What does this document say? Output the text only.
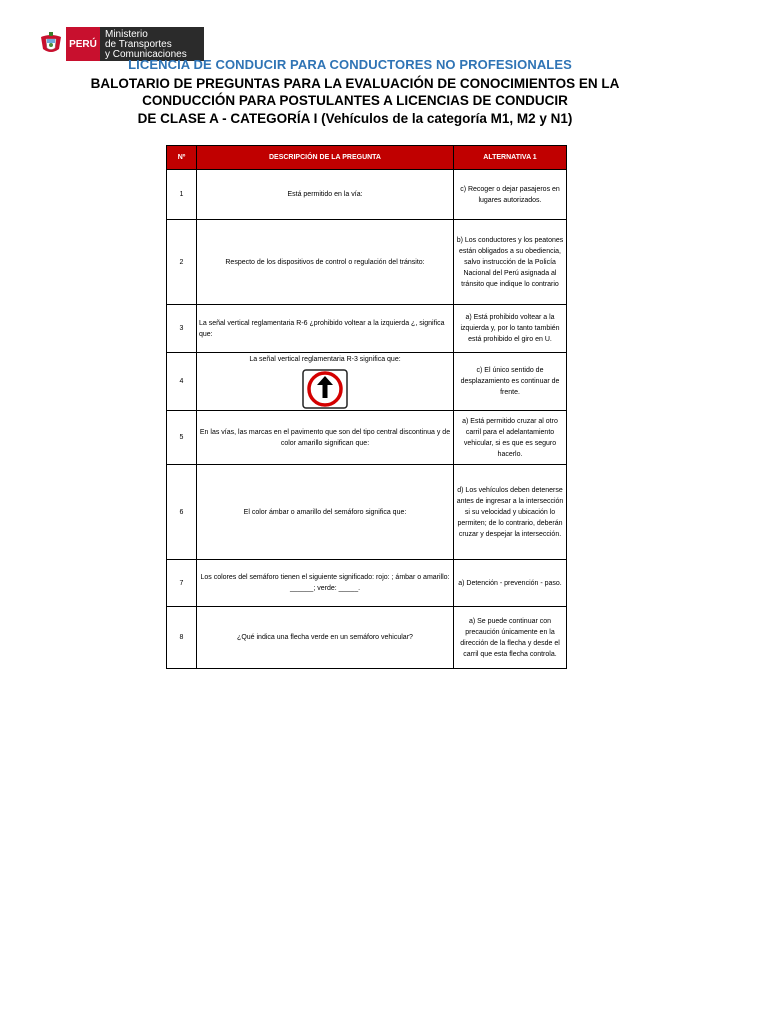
PERÚ
Ministerio
de Transportes
y Comunicaciones
LICENCIA DE CONDUCIR PARA CONDUCTORES NO PROFESIONALES
BALOTARIO DE PREGUNTAS PARA LA EVALUACIÓN DE CONOCIMIENTOS EN LA
CONDUCCIÓN PARA POSTULANTES A LICENCIAS DE CONDUCIR
DE CLASE A - CATEGORÍA I (Vehículos de la categoría M1, M2 y N1)
Nº	DESCRIPCIÓN DE LA PREGUNTA	ALTERNATIVA 1
1	Está permitido en la vía:	c) Recoger o dejar pasajeros en lugares autorizados.
2	Respecto de los dispositivos de control o regulación del tránsito:	b) Los conductores y los peatones están obligados a su obediencia, salvo instrucción de la Policía Nacional del Perú asignada al tránsito que indique lo contrario
3	La señal vertical reglamentaria R-6 ¿prohibido voltear a la izquierda ¿, significa que:	a) Está prohibido voltear a la izquierda y, por lo tanto también está prohibido el giro en U.
4	La señal vertical reglamentaria R-3 significa que:	c) El único sentido de desplazamiento es continuar de frente.
5	En las vías, las marcas en el pavimento que son del tipo central discontinua y de color amarillo significan que:	a) Está permitido cruzar al otro carril para el adelantamiento vehicular, si es que es seguro hacerlo.
6	El color ámbar o amarillo del semáforo significa que:	d) Los vehículos deben detenerse antes de ingresar a la intersección si su velocidad y ubicación lo permiten; de lo contrario, deberán cruzar y despejar la intersección.
7	Los colores del semáforo tienen el siguiente significado: rojo: ; ámbar o amarillo: ______; verde: _____.	a) Detención - prevención - paso.
8	¿Qué indica una flecha verde en un semáforo vehicular?	a) Se puede continuar con precaución únicamente en la dirección de la flecha y desde el carril que esta flecha controla.
